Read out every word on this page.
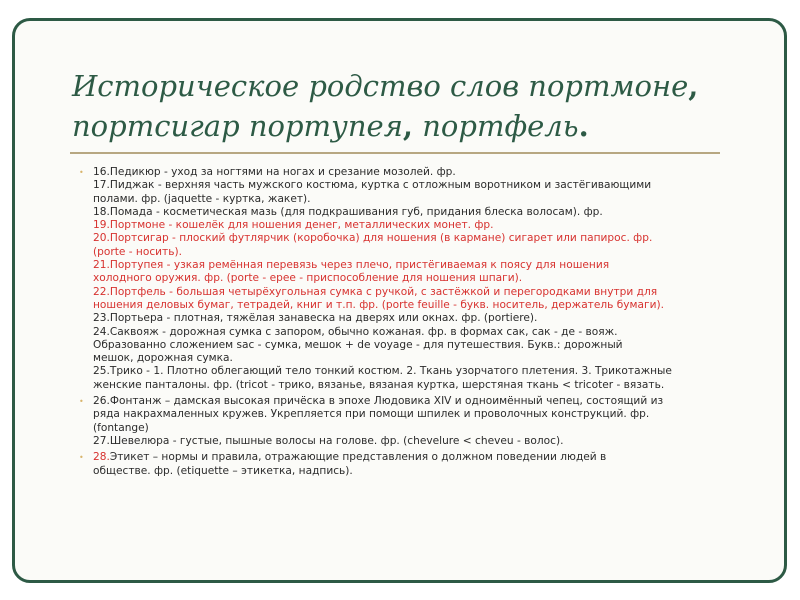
Историческое родство слов портмоне,
портсигар портупея, портфель.
• 16.Педикюр - уход за ногтями на ногах и срезание мозолей. фр.
17.Пиджак - верхняя часть мужского костюма, куртка с отложным воротником и застёгивающими
полами. фр. (jaquette - куртка, жакет).
18.Помада - косметическая мазь (для подкрашивания губ, придания блеска волосам). фр.
19.Портмоне - кошелёк для ношения денег, металлических монет. фр.
20.Портсигар - плоский футлярчик (коробочка) для ношения (в кармане) сигарет или папирос. фр.
(porte - носить).
21.Портупея - узкая ремённая перевязь через плечо, пристёгиваемая к поясу для ношения
холодного оружия. фр. (porte - epee - приспособление для ношения шпаги).
22.Портфель - большая четырёхугольная сумка с ручкой, с застёжкой и перегородками внутри для
ношения деловых бумаг, тетрадей, книг и т.п. фр. (porte feuille - букв. носитель, держатель бумаги).
23.Портьера - плотная, тяжёлая занавеска на дверях или окнах. фр. (portiere).
24.Саквояж - дорожная сумка с запором, обычно кожаная. фр. в формах сак, сак - де - вояж.
Образованно сложением sac - сумка, мешок + de voyage - для путешествия. Букв.: дорожный
мешок, дорожная сумка.
25.Трико - 1. Плотно облегающий тело тонкий костюм. 2. Ткань узорчатого плетения. 3. Трикотажные
женские панталоны. фр. (tricot - трико, вязанье, вязаная куртка, шерстяная ткань < tricoter - вязать.
• 26.Фонтанж – дамская высокая причёска в эпохе Людовика XIV и одноимённый чепец, состоящий из
ряда накрахмаленных кружев. Укрепляется при помощи шпилек и проволочных конструкций. фр.
(fontange)
27.Шевелюра - густые, пышные волосы на голове. фр. (chevelure < cheveu - волос).
• 28.Этикет – нормы и правила, отражающие представления о должном поведении людей в
обществе. фр. (etiquette – этикетка, надпись).
